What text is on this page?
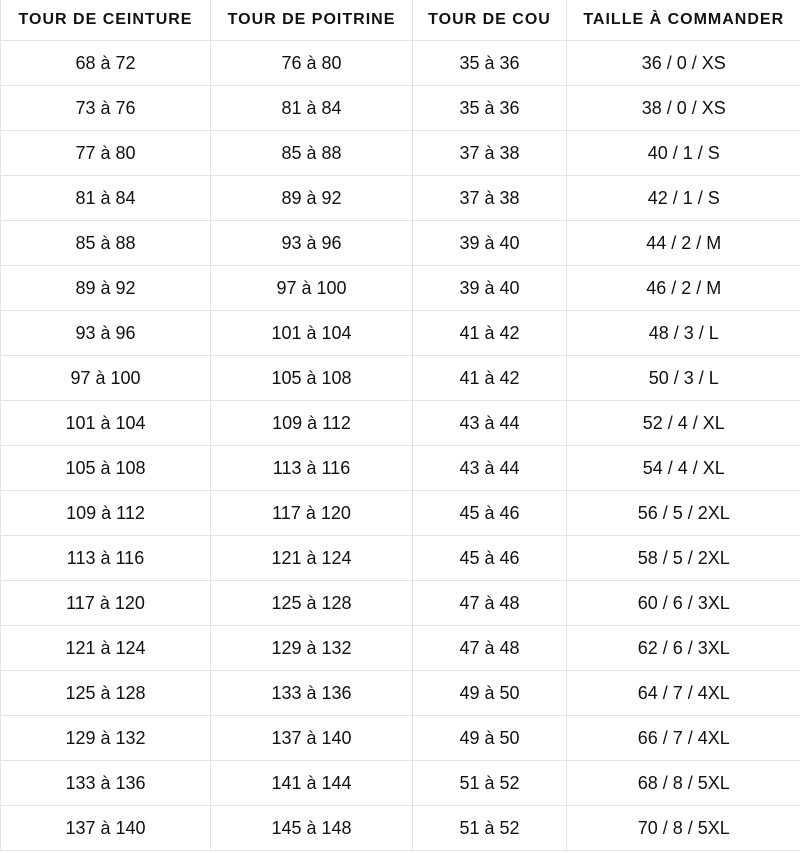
TOUR DE CEINTURE	TOUR DE POITRINE	TOUR DE COU	TAILLE À COMMANDER
68 à 72	76 à 80	35 à 36	36 / 0 / XS
73 à 76	81 à 84	35 à 36	38 / 0 / XS
77 à 80	85 à 88	37 à 38	40 / 1 / S
81 à 84	89 à 92	37 à 38	42 / 1 / S
85 à 88	93 à 96	39 à 40	44 / 2 / M
89 à 92	97 à 100	39 à 40	46 / 2 / M
93 à 96	101 à 104	41 à 42	48 / 3 / L
97 à 100	105 à 108	41 à 42	50 / 3 / L
101 à 104	109 à 112	43 à 44	52 / 4 / XL
105 à 108	113 à 116	43 à 44	54 / 4 / XL
109 à 112	117 à 120	45 à 46	56 / 5 / 2XL
113 à 116	121 à 124	45 à 46	58 / 5 / 2XL
117 à 120	125 à 128	47 à 48	60 / 6 / 3XL
121 à 124	129 à 132	47 à 48	62 / 6 / 3XL
125 à 128	133 à 136	49 à 50	64 / 7 / 4XL
129 à 132	137 à 140	49 à 50	66 / 7 / 4XL
133 à 136	141 à 144	51 à 52	68 / 8 / 5XL
137 à 140	145 à 148	51 à 52	70 / 8 / 5XL
